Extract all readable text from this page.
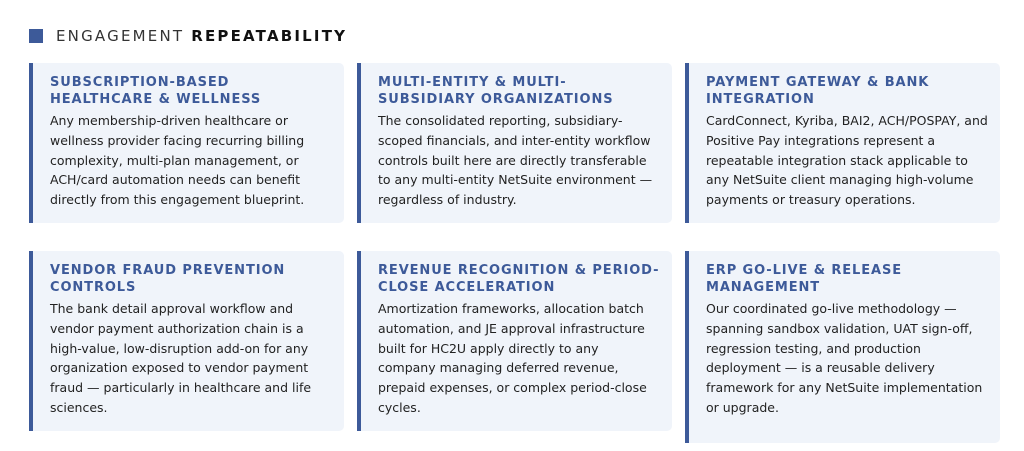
ENGAGEMENT REPEATABILITY
SUBSCRIPTION-BASED HEALTHCARE & WELLNESS

Any membership-driven healthcare or wellness provider facing recurring billing complexity, multi-plan management, or ACH/card automation needs can benefit directly from this engagement blueprint.

MULTI-ENTITY & MULTI-SUBSIDIARY ORGANIZATIONS

The consolidated reporting, subsidiary-scoped financials, and inter-entity workflow controls built here are directly transferable to any multi-entity NetSuite environment — regardless of industry.

PAYMENT GATEWAY & BANK INTEGRATION

CardConnect, Kyriba, BAI2, ACH/POSPAY, and Positive Pay integrations represent a repeatable integration stack applicable to any NetSuite client managing high-volume payments or treasury operations.

VENDOR FRAUD PREVENTION CONTROLS

The bank detail approval workflow and vendor payment authorization chain is a high-value, low-disruption add-on for any organization exposed to vendor payment fraud — particularly in healthcare and life sciences.

REVENUE RECOGNITION & PERIOD-CLOSE ACCELERATION

Amortization frameworks, allocation batch automation, and JE approval infrastructure built for HC2U apply directly to any company managing deferred revenue, prepaid expenses, or complex period-close cycles.

ERP GO-LIVE & RELEASE MANAGEMENT

Our coordinated go-live methodology — spanning sandbox validation, UAT sign-off, regression testing, and production deployment — is a reusable delivery framework for any NetSuite implementation or upgrade.
